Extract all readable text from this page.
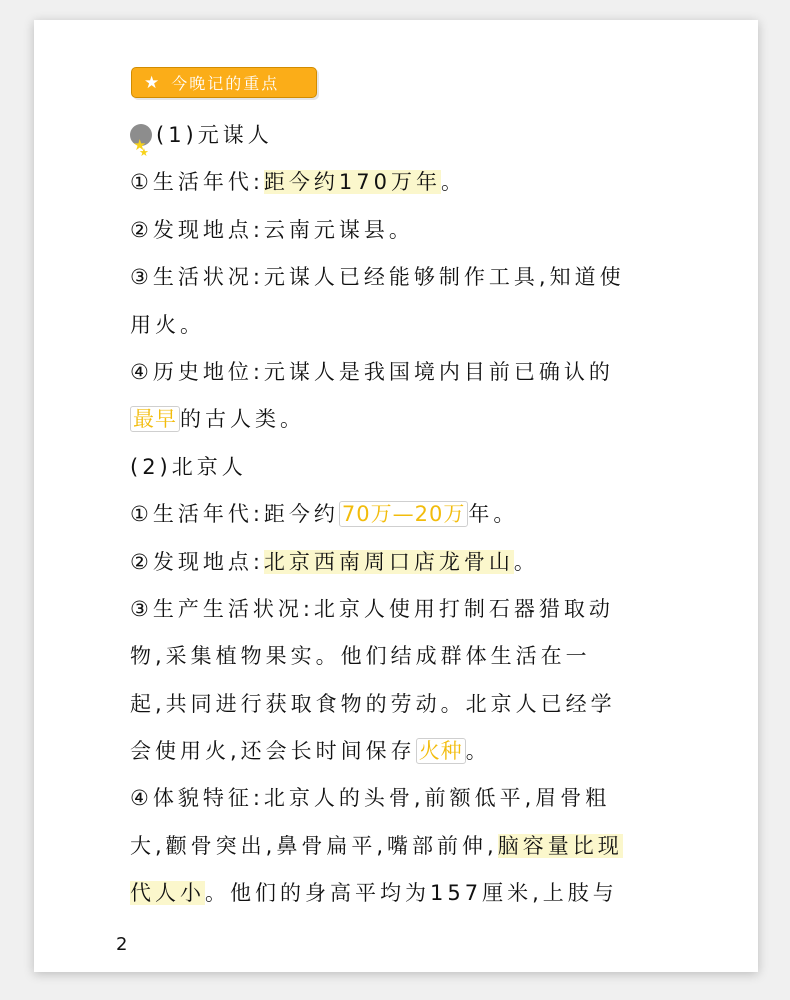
★ 今晚记的重点
★ ★(1)元谋人
①生活年代:距今约170万年。
②发现地点:云南元谋县。
③生活状况:元谋人已经能够制作工具,知道使
用火。
④历史地位:元谋人是我国境内目前已确认的
最早 的古人类。
(2)北京人
①生活年代:距今约 70万—20万 年。
②发现地点:北京西南周口店龙骨山。
③生产生活状况:北京人使用打制石器猎取动
物,采集植物果实。他们结成群体生活在一
起,共同进行获取食物的劳动。北京人已经学
会使用火,还会长时间保存 火种 。
④体貌特征:北京人的头骨,前额低平,眉骨粗
大,颧骨突出,鼻骨扁平,嘴部前伸,脑容量比现
代人小。他们的身高平均为157厘米,上肢与
2
